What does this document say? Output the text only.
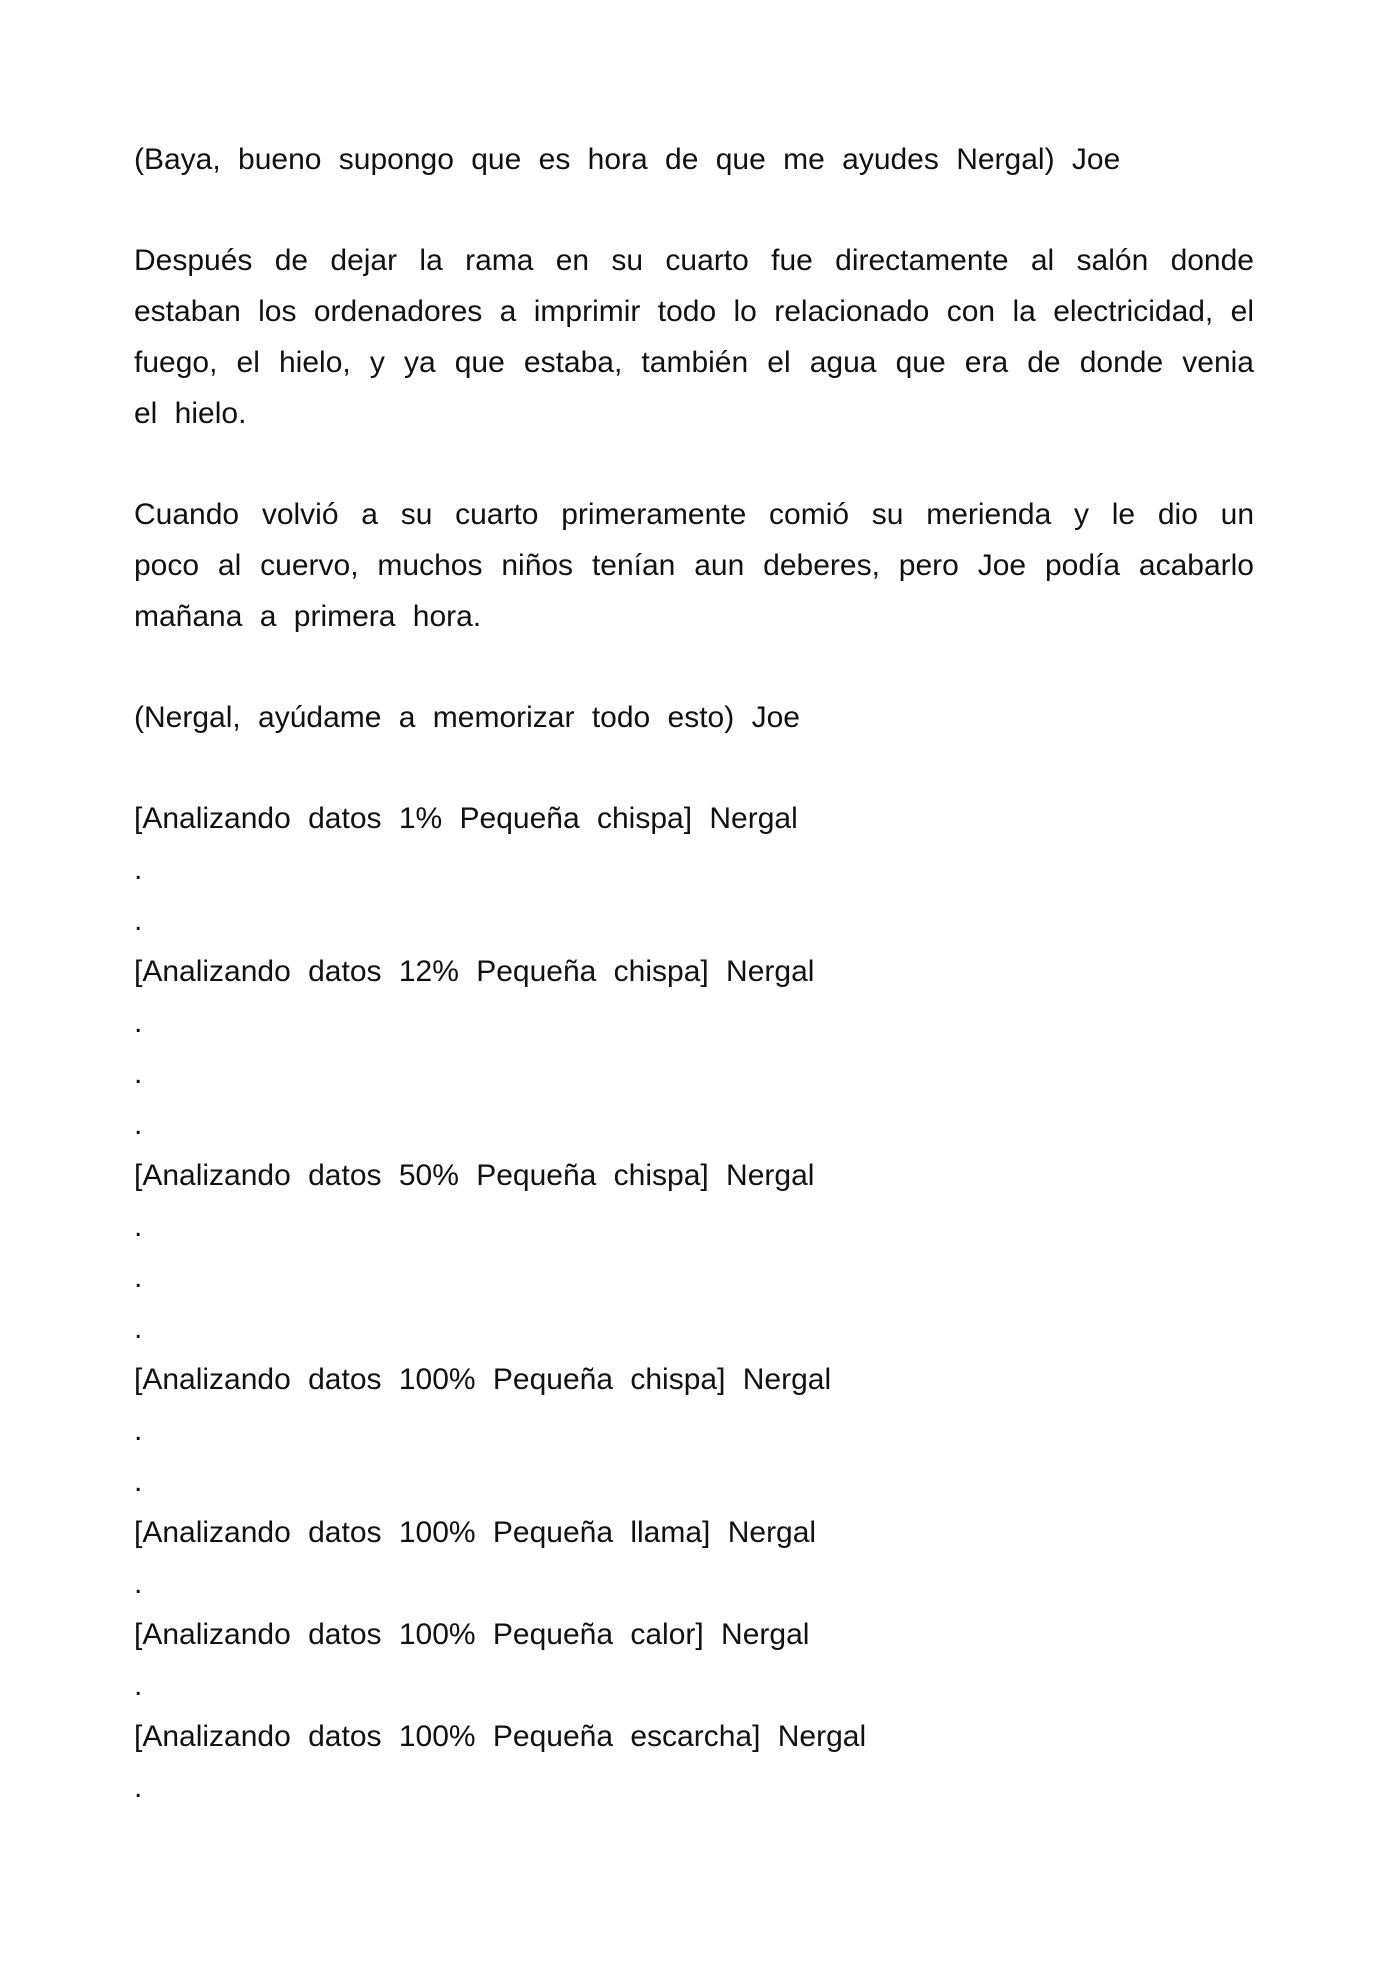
(Baya, bueno supongo que es hora de que me ayudes Nergal) Joe

Después de dejar la rama en su cuarto fue directamente al salón donde estaban los ordenadores a imprimir todo lo relacionado con la electricidad, el fuego, el hielo, y ya que estaba, también el agua que era de donde venia el hielo.

Cuando volvió a su cuarto primeramente comió su merienda y le dio un poco al cuervo, muchos niños tenían aun deberes, pero Joe podía acabarlo mañana a primera hora.

(Nergal, ayúdame a memorizar todo esto) Joe

[Analizando datos 1% Pequeña chispa] Nergal

.

.

[Analizando datos 12% Pequeña chispa] Nergal

.

.

.

[Analizando datos 50% Pequeña chispa] Nergal

.

.

.

[Analizando datos 100% Pequeña chispa] Nergal

.

.

[Analizando datos 100% Pequeña llama] Nergal

.

[Analizando datos 100% Pequeña calor] Nergal

.

[Analizando datos 100% Pequeña escarcha] Nergal

.
